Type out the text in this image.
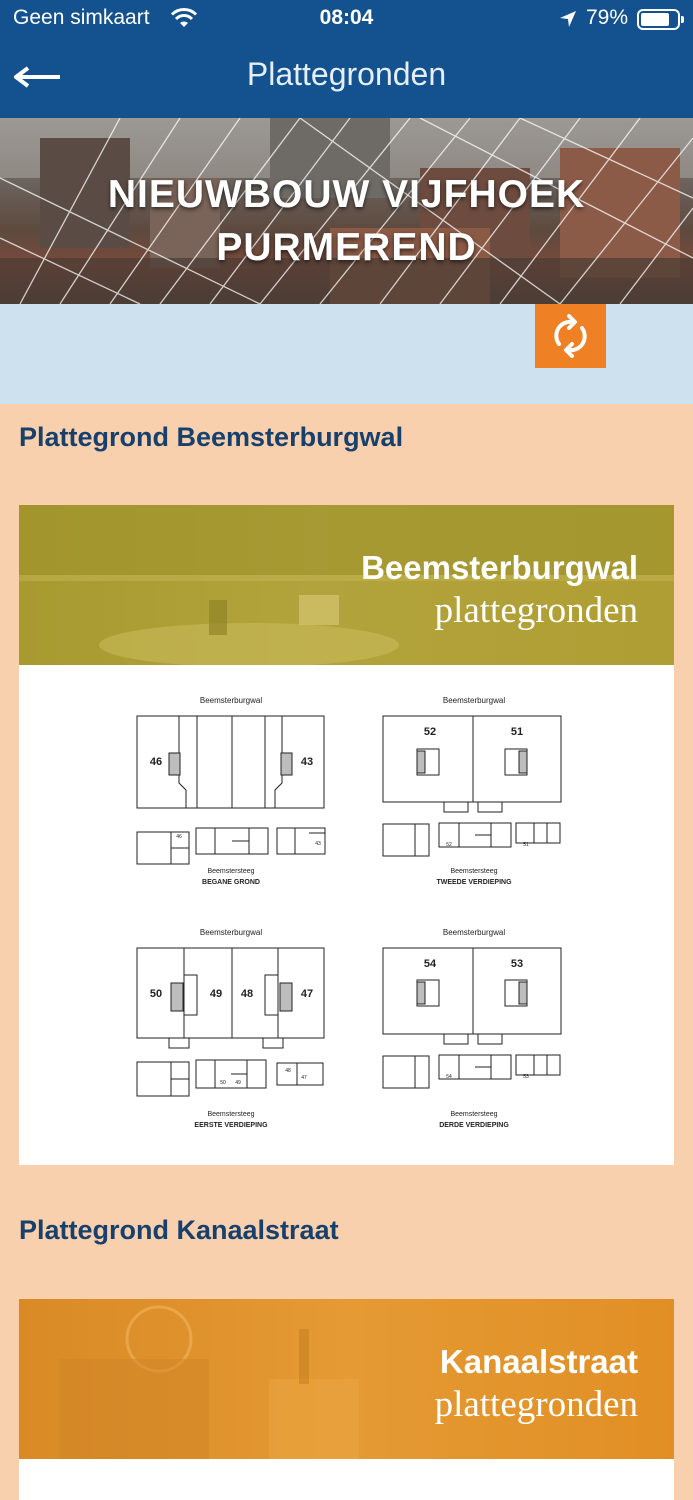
Geen simkaart	08:04	79%
Plattegronden
NIEUWBOUW VIJFHOEK
PURMEREND
Plattegrond Beemsterburgwal
Beemsterburgwal
plattegronden
Beemsterburgwal
Beemstersteeg
BEGANE GROND
46	43
46
43
Beemsterburgwal
Beemstersteeg
TWEEDE VERDIEPING
52	51
52	51
Beemsterburgwal
Beemstersteeg
EERSTE VERDIEPING
50	49 48	47
50 49
48
47
Beemsterburgwal
Beemstersteeg
DERDE VERDIEPING
54	53
54	53
Plattegrond Kanaalstraat
Kanaalstraat
plattegronden
